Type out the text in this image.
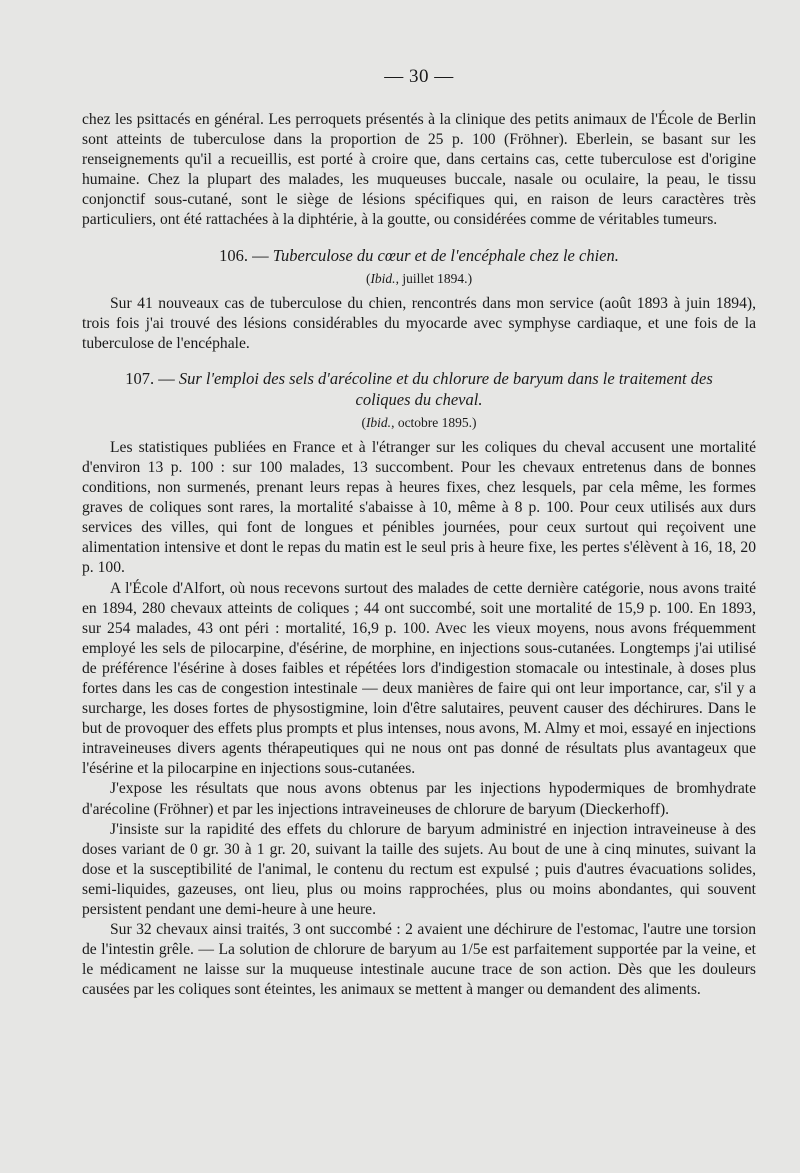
— 30 —

chez les psittacés en général. Les perroquets présentés à la clinique des petits animaux de l'École de Berlin sont atteints de tuberculose dans la proportion de 25 p. 100 (Fröhner). Eberlein, se basant sur les renseignements qu'il a recueillis, est porté à croire que, dans certains cas, cette tuberculose est d'origine humaine. Chez la plupart des malades, les muqueuses buccale, nasale ou oculaire, la peau, le tissu conjonctif sous-cutané, sont le siège de lésions spécifiques qui, en raison de leurs caractères très particuliers, ont été rattachées à la diphtérie, à la goutte, ou considérées comme de véritables tumeurs.

106. — Tuberculose du cœur et de l'encéphale chez le chien.
(Ibid., juillet 1894.)

Sur 41 nouveaux cas de tuberculose du chien, rencontrés dans mon service (août 1893 à juin 1894), trois fois j'ai trouvé des lésions considérables du myocarde avec symphyse cardiaque, et une fois de la tuberculose de l'encéphale.

107. — Sur l'emploi des sels d'arécoline et du chlorure de baryum dans le traitement des coliques du cheval.
(Ibid., octobre 1895.)

Les statistiques publiées en France et à l'étranger sur les coliques du cheval accusent une mortalité d'environ 13 p. 100 : sur 100 malades, 13 succombent. Pour les chevaux entretenus dans de bonnes conditions, non surmenés, prenant leurs repas à heures fixes, chez lesquels, par cela même, les formes graves de coliques sont rares, la mortalité s'abaisse à 10, même à 8 p. 100. Pour ceux utilisés aux durs services des villes, qui font de longues et pénibles journées, pour ceux surtout qui reçoivent une alimentation intensive et dont le repas du matin est le seul pris à heure fixe, les pertes s'élèvent à 16, 18, 20 p. 100.

A l'École d'Alfort, où nous recevons surtout des malades de cette dernière catégorie, nous avons traité en 1894, 280 chevaux atteints de coliques ; 44 ont succombé, soit une mortalité de 15,9 p. 100. En 1893, sur 254 malades, 43 ont péri : mortalité, 16,9 p. 100. Avec les vieux moyens, nous avons fréquemment employé les sels de pilocarpine, d'ésérine, de morphine, en injections sous-cutanées. Longtemps j'ai utilisé de préférence l'ésérine à doses faibles et répétées lors d'indigestion stomacale ou intestinale, à doses plus fortes dans les cas de congestion intestinale — deux manières de faire qui ont leur importance, car, s'il y a surcharge, les doses fortes de physostigmine, loin d'être salutaires, peuvent causer des déchirures. Dans le but de provoquer des effets plus prompts et plus intenses, nous avons, M. Almy et moi, essayé en injections intraveineuses divers agents thérapeutiques qui ne nous ont pas donné de résultats plus avantageux que l'ésérine et la pilocarpine en injections sous-cutanées.

J'expose les résultats que nous avons obtenus par les injections hypodermiques de bromhydrate d'arécoline (Fröhner) et par les injections intraveineuses de chlorure de baryum (Dieckerhoff).

J'insiste sur la rapidité des effets du chlorure de baryum administré en injection intraveineuse à des doses variant de 0 gr. 30 à 1 gr. 20, suivant la taille des sujets. Au bout de une à cinq minutes, suivant la dose et la susceptibilité de l'animal, le contenu du rectum est expulsé ; puis d'autres évacuations solides, semi-liquides, gazeuses, ont lieu, plus ou moins rapprochées, plus ou moins abondantes, qui souvent persistent pendant une demi-heure à une heure.

Sur 32 chevaux ainsi traités, 3 ont succombé : 2 avaient une déchirure de l'estomac, l'autre une torsion de l'intestin grêle. — La solution de chlorure de baryum au 1/5e est parfaitement supportée par la veine, et le médicament ne laisse sur la muqueuse intestinale aucune trace de son action. Dès que les douleurs causées par les coliques sont éteintes, les animaux se mettent à manger ou demandent des aliments.
